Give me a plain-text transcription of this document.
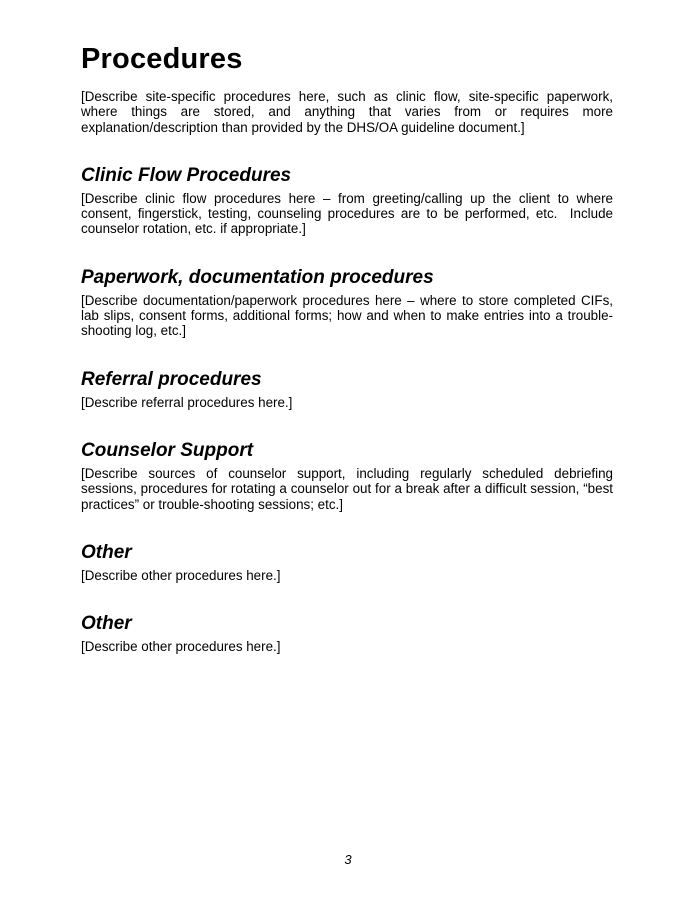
Procedures

[Describe site-specific procedures here, such as clinic flow, site-specific paperwork, where things are stored, and anything that varies from or requires more explanation/description than provided by the DHS/OA guideline document.]

Clinic Flow Procedures

[Describe clinic flow procedures here – from greeting/calling up the client to where consent, fingerstick, testing, counseling procedures are to be performed, etc.  Include counselor rotation, etc. if appropriate.]

Paperwork, documentation procedures

[Describe documentation/paperwork procedures here – where to store completed CIFs, lab slips, consent forms, additional forms; how and when to make entries into a trouble-shooting log, etc.]

Referral procedures

[Describe referral procedures here.]

Counselor Support

[Describe sources of counselor support, including regularly scheduled debriefing sessions, procedures for rotating a counselor out for a break after a difficult session, “best practices” or trouble-shooting sessions; etc.]

Other

[Describe other procedures here.]

Other

[Describe other procedures here.]

3
